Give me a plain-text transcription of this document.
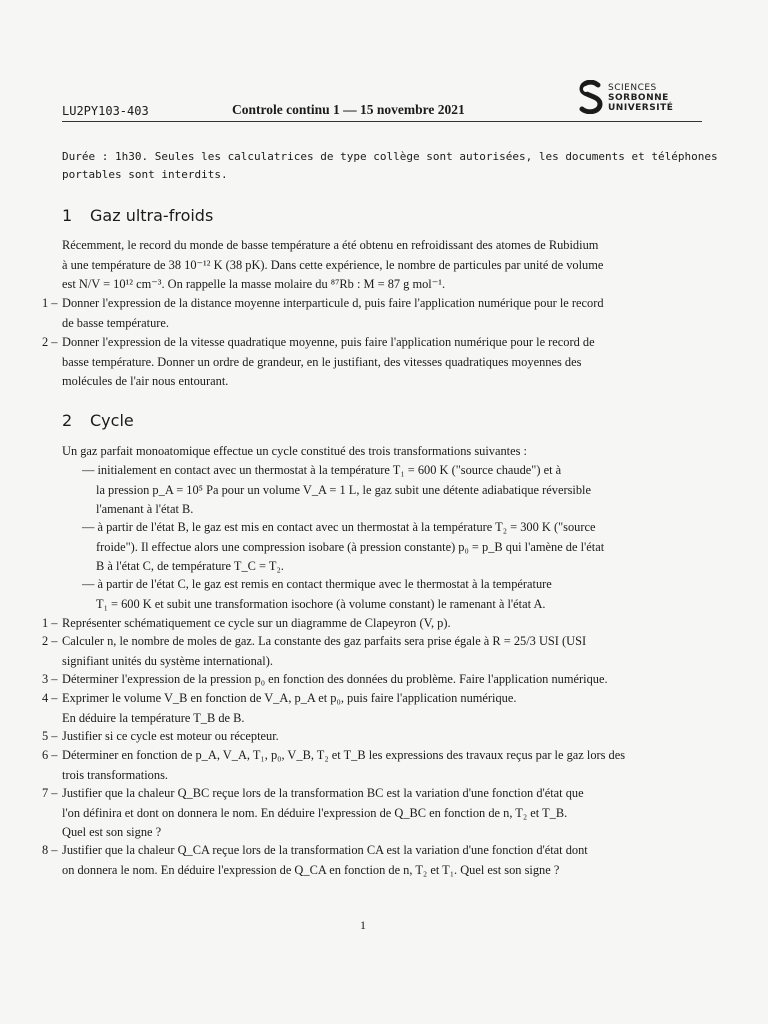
LU2PY103-403	Controle continu 1 — 15 novembre 2021
SCIENCES
SORBONNE
UNIVERSITÉ
Durée : 1h30. Seules les calculatrices de type collège sont autorisées, les documents et téléphones
portables sont interdits.
1 Gaz ultra-froids
Récemment, le record du monde de basse température a été obtenu en refroidissant des atomes de Rubidium
à une température de 38 10⁻¹² K (38 pK). Dans cette expérience, le nombre de particules par unité de volume
est N/V = 10¹² cm⁻³. On rappelle la masse molaire du ⁸⁷Rb : M = 87 g mol⁻¹.
1 – Donner l'expression de la distance moyenne interparticule d, puis faire l'application numérique pour le record
de basse température.
2 – Donner l'expression de la vitesse quadratique moyenne, puis faire l'application numérique pour le record de
basse température. Donner un ordre de grandeur, en le justifiant, des vitesses quadratiques moyennes des
molécules de l'air nous entourant.
2 Cycle
Un gaz parfait monoatomique effectue un cycle constitué des trois transformations suivantes :
— initialement en contact avec un thermostat à la température T₁ = 600 K ("source chaude") et à
la pression p_A = 10⁵ Pa pour un volume V_A = 1 L, le gaz subit une détente adiabatique réversible
l'amenant à l'état B.
— à partir de l'état B, le gaz est mis en contact avec un thermostat à la température T₂ = 300 K ("source
froide"). Il effectue alors une compression isobare (à pression constante) p₀ = p_B qui l'amène de l'état
B à l'état C, de température T_C = T₂.
— à partir de l'état C, le gaz est remis en contact thermique avec le thermostat à la température
T₁ = 600 K et subit une transformation isochore (à volume constant) le ramenant à l'état A.
1 – Représenter schématiquement ce cycle sur un diagramme de Clapeyron (V, p).
2 – Calculer n, le nombre de moles de gaz. La constante des gaz parfaits sera prise égale à R = 25/3 USI (USI
signifiant unités du système international).
3 – Déterminer l'expression de la pression p₀ en fonction des données du problème. Faire l'application numérique.
4 – Exprimer le volume V_B en fonction de V_A, p_A et p₀, puis faire l'application numérique.
En déduire la température T_B de B.
5 – Justifier si ce cycle est moteur ou récepteur.
6 – Déterminer en fonction de p_A, V_A, T₁, p₀, V_B, T₂ et T_B les expressions des travaux reçus par le gaz lors des
trois transformations.
7 – Justifier que la chaleur Q_BC reçue lors de la transformation BC est la variation d'une fonction d'état que
l'on définira et dont on donnera le nom. En déduire l'expression de Q_BC en fonction de n, T₂ et T_B.
Quel est son signe ?
8 – Justifier que la chaleur Q_CA reçue lors de la transformation CA est la variation d'une fonction d'état dont
on donnera le nom. En déduire l'expression de Q_CA en fonction de n, T₂ et T₁. Quel est son signe ?
1
